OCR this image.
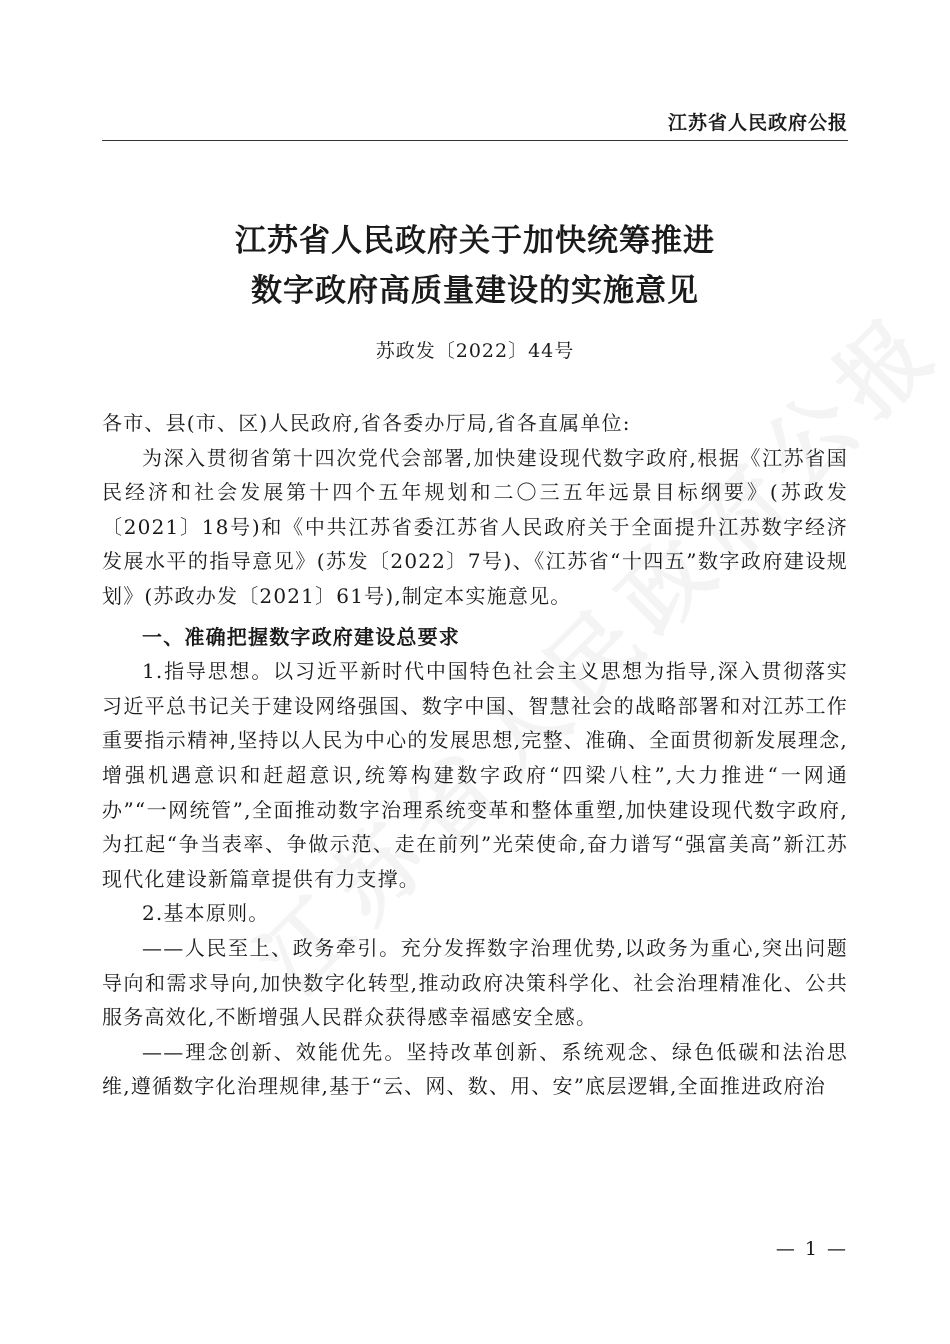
江苏省人民政府公报
江苏省人民政府关于加快统筹推进
数字政府高质量建设的实施意见
苏政发〔2022〕44号

各市、县(市、区)人民政府,省各委办厅局,省各直属单位:

为深入贯彻省第十四次党代会部署,加快建设现代数字政府,根据《江苏省国民经济和社会发展第十四个五年规划和二〇三五年远景目标纲要》(苏政发〔2021〕18号)和《中共江苏省委江苏省人民政府关于全面提升江苏数字经济发展水平的指导意见》(苏发〔2022〕7号)、《江苏省“十四五”数字政府建设规划》(苏政办发〔2021〕61号),制定本实施意见。

一、准确把握数字政府建设总要求

1.指导思想。以习近平新时代中国特色社会主义思想为指导,深入贯彻落实习近平总书记关于建设网络强国、数字中国、智慧社会的战略部署和对江苏工作重要指示精神,坚持以人民为中心的发展思想,完整、准确、全面贯彻新发展理念,增强机遇意识和赶超意识,统筹构建数字政府“四梁八柱”,大力推进“一网通办”“一网统管”,全面推动数字治理系统变革和整体重塑,加快建设现代数字政府,为扛起“争当表率、争做示范、走在前列”光荣使命,奋力谱写“强富美高”新江苏现代化建设新篇章提供有力支撑。

2.基本原则。

——人民至上、政务牵引。充分发挥数字治理优势,以政务为重心,突出问题导向和需求导向,加快数字化转型,推动政府决策科学化、社会治理精准化、公共服务高效化,不断增强人民群众获得感幸福感安全感。

——理念创新、效能优先。坚持改革创新、系统观念、绿色低碳和法治思维,遵循数字化治理规律,基于“云、网、数、用、安”底层逻辑,全面推进政府治

— 1 —
